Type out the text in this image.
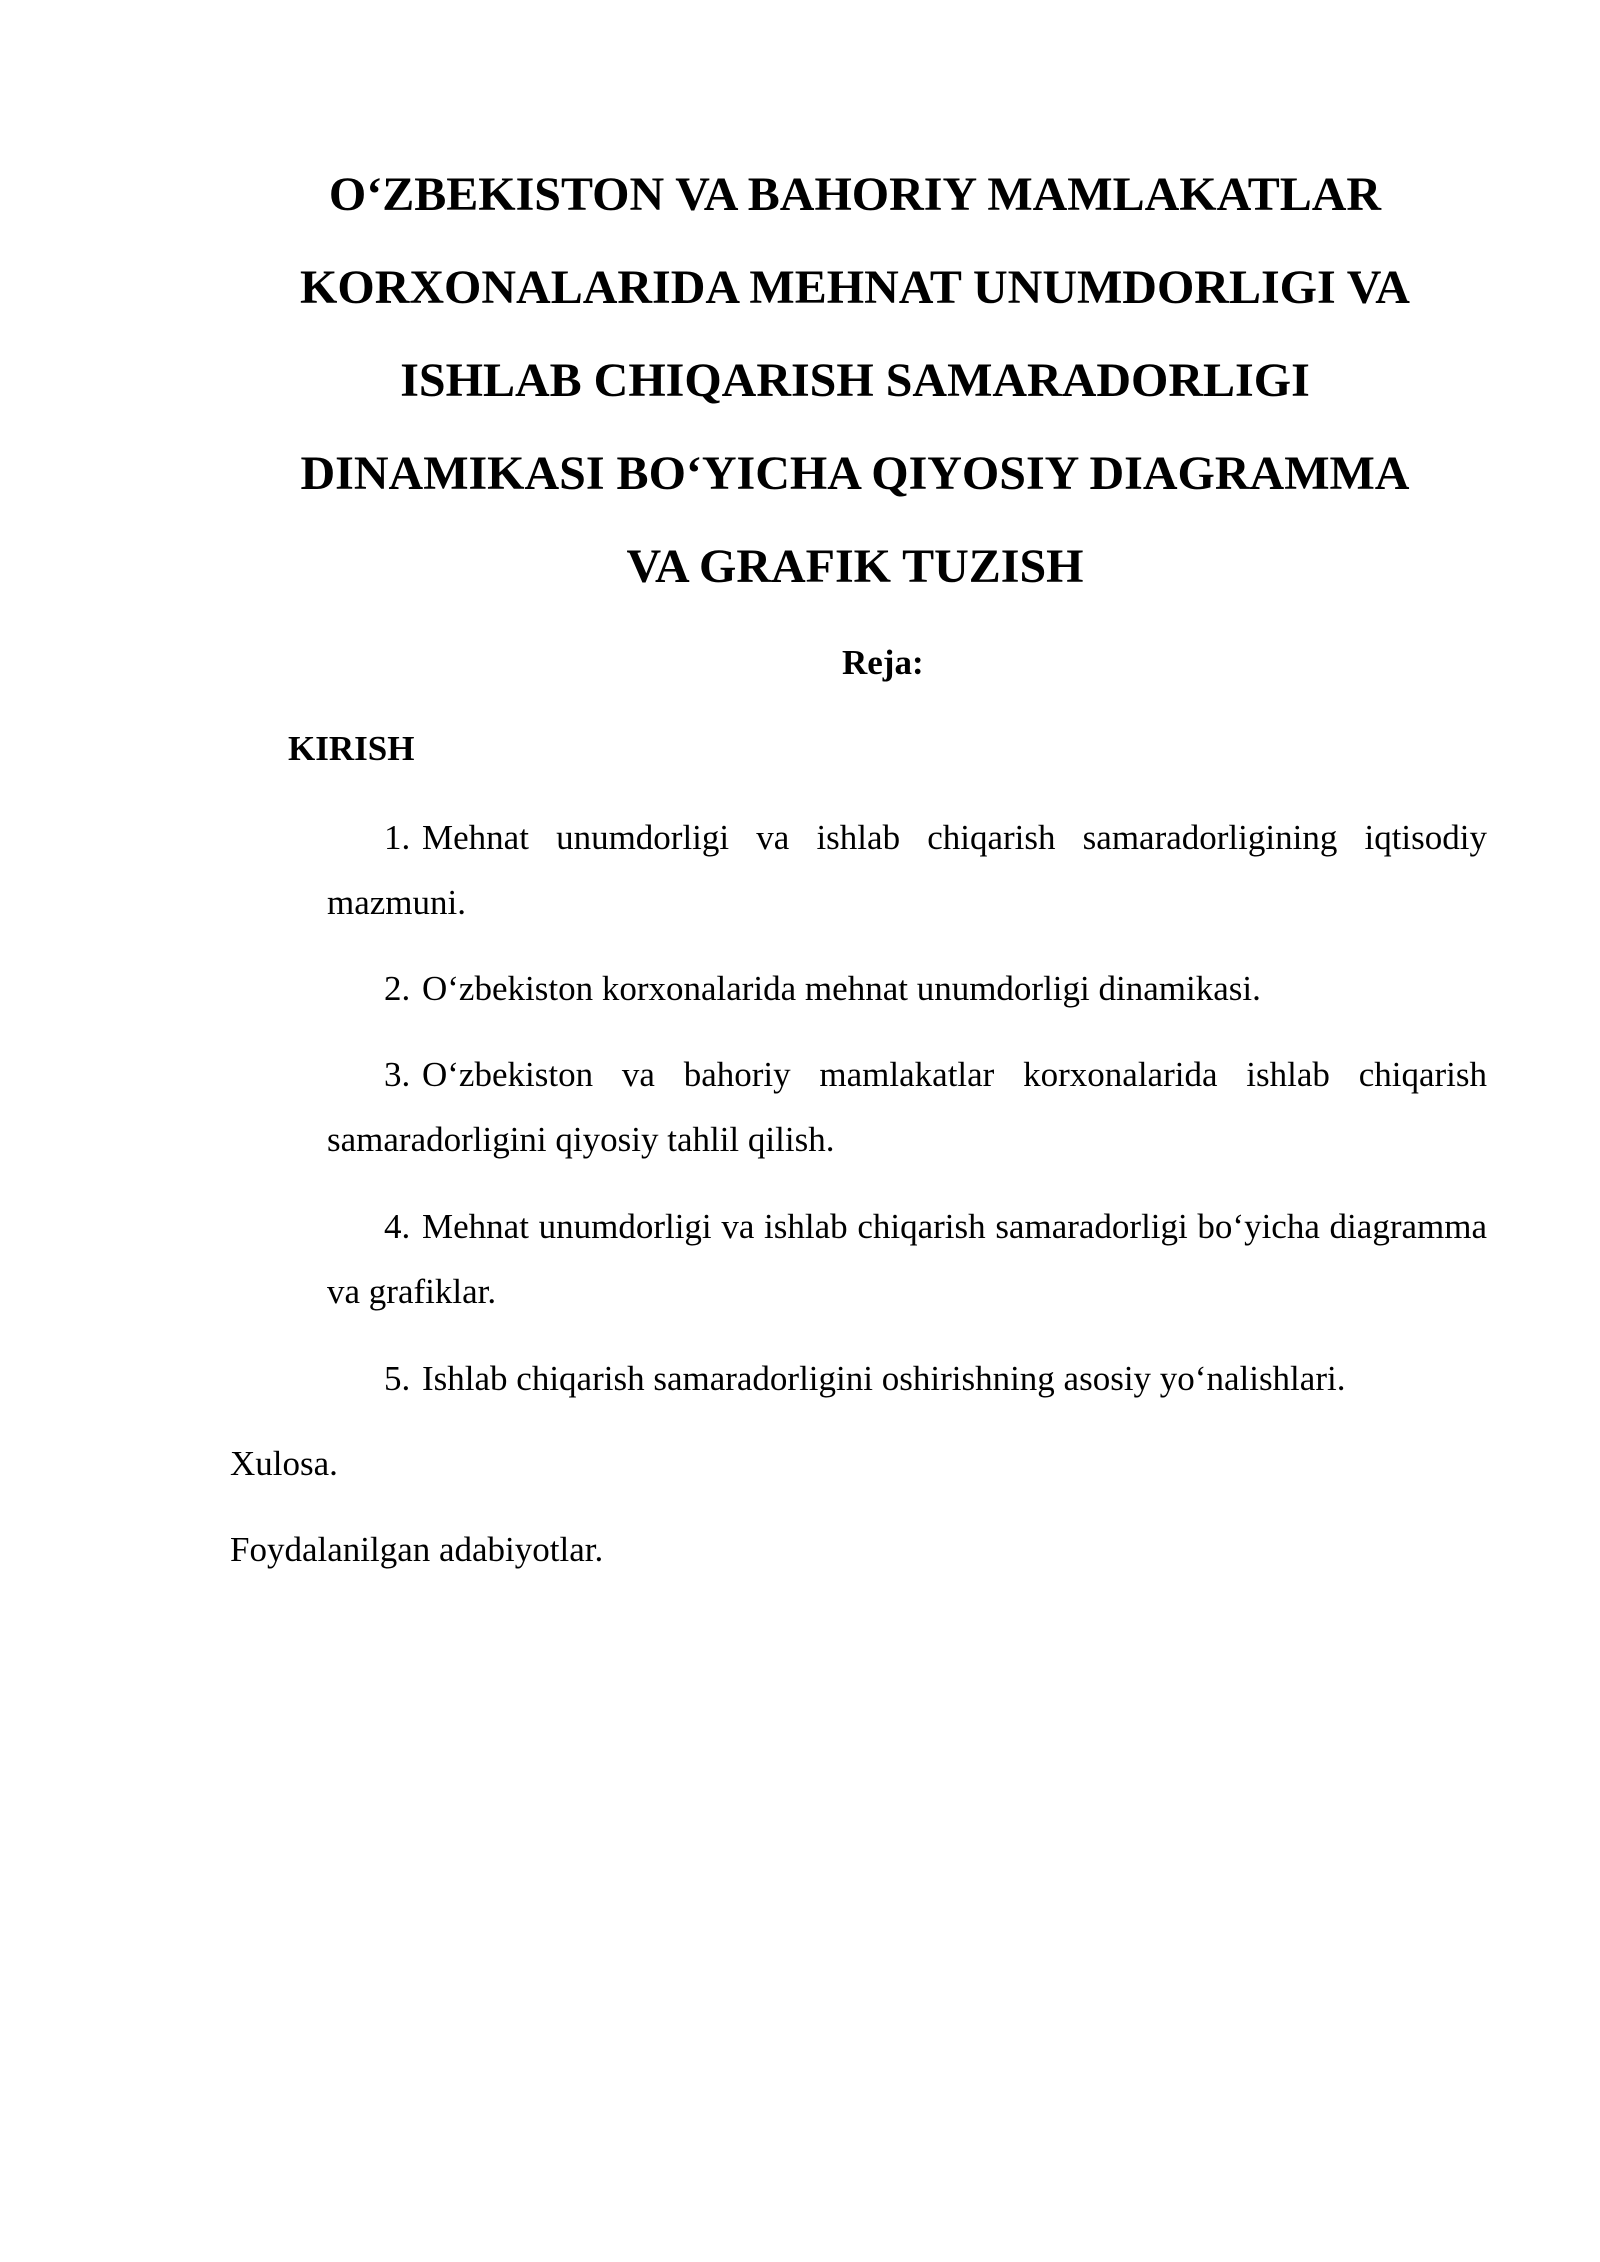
O‘ZBEKISTON VA BAHORIY MAMLAKATLAR
KORXONALARIDA MEHNAT UNUMDORLIGI VA
ISHLAB CHIQARISH SAMARADORLIGI
DINAMIKASI BO‘YICHA QIYOSIY DIAGRAMMA
VA GRAFIK TUZISH

Reja:

KIRISH

1. Mehnat unumdorligi va ishlab chiqarish samaradorligining iqtisodiy mazmuni.

2. O‘zbekiston korxonalarida mehnat unumdorligi dinamikasi.

3. O‘zbekiston va bahoriy mamlakatlar korxonalarida ishlab chiqarish samaradorligini qiyosiy tahlil qilish.

4. Mehnat unumdorligi va ishlab chiqarish samaradorligi bo‘yicha diagramma va grafiklar.

5. Ishlab chiqarish samaradorligini oshirishning asosiy yo‘nalishlari.

Xulosa.

Foydalanilgan adabiyotlar.
